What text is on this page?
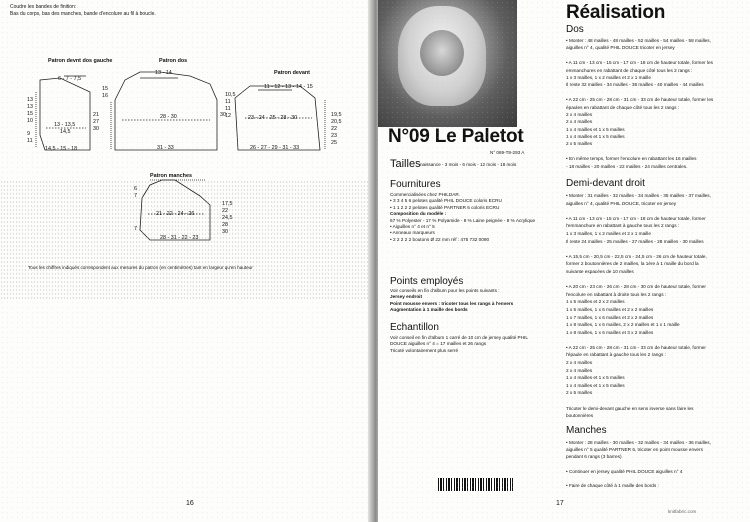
Coudre les bandes de finition:
Bas du corps, bas des manches, bande d'encolure au fil à boucle.
Patron devnt dos gauche	Patron dos
Patron devant
Patron manches
6 - 7 - 7,5
13
13
15
10
9
11
21
27
30
13 - 13,5
14,5
14,5 - 15 - 18
13 - 14
15
16
30
28 - 30
31 - 33
11 - 12 - 13 - 14 - 15
10,5
11
11
12	19,5
20,5
22
23
25
23 - 24 - 25 - 28 - 30
26 - 27 - 29 - 31 - 33
6
7
17,5
22
24,5
28
30
21 - 22 - 24 - 26
7
28 - 31 - 22 - 23
Tous les chiffres indiqués correspondent aux mesures du patron (en centimètres) tant en largeur qu'en hauteur
16
N°09 Le Paletot
N° 069-T8-293 A
Tailles naissance - 3 mois - 6 mois - 12 mois - 18 mois
Fournitures
Commercialisées chez PHILDAR.
• 3 3 4 5 6 pelotes qualité PHIL DOUCE coloris ECRU
• 1 1 2 2 2 pelotes qualité PARTNER 6 coloris ECRU
Composition du modèle :
67 % Polyester - 17 % Polyamide - 8 % Laine peignée - 8 % Acrylique
• Aiguilles n° 4 et n° 5
• Anneaux marqueurs
• 2 2 2 2 2 boutons Ø 22 mm réf : 475 732 0090
Points employés
Voir conseils en fin d'album pour les points suivants :
Jersey endroit
Point mousse envers : tricoter tous les rangs à l'envers
Augmentation à 1 maille des bords
Echantillon
Voir conseil en fin d'album 1 carré de 10 cm de jersey qualité PHIL
DOUCE aiguilles n° 4 = 17 mailles et 26 rangs
Tricoté volontairement plus serré
Réalisation
Dos
• Monter : 48 mailles - 48 mailles - 52 mailles - 54 mailles - 58 mailles,
aiguilles n° 4, qualité PHIL DOUCE tricoter en jersey
• A 11 cm - 13 cm - 15 cm - 17 cm - 18 cm de hauteur totale, former les
emmanchures en rabattant de chaque côté tous les 2 rangs :
1 x 3 mailles, 1 x 2 mailles et 2 x 1 maille
Il reste 32 mailles - 34 mailles - 38 mailles - 40 mailles - 44 mailles
• A 22 cm - 25 cm - 28 cm - 31 cm - 33 cm de hauteur totale, former les
épaules en rabattant de chaque côté tous les 2 rangs :
2 x 4 mailles
2 x 4 mailles
1 x 4 mailles et 1 x 5 mailles
1 x 4 mailles et 1 x 5 mailles
2 x 5 mailles
• En même temps, former l'encolure en rabattant les 16 mailles
- 18 mailles - 20 mailles - 22 mailles - 24 mailles centrales.
Demi-devant droit
• Monter : 31 mailles - 32 mailles - 34 mailles - 35 mailles - 37 mailles,
aiguilles n° 4, qualité PHIL DOUCE, tricoter en jersey
• A 11 cm - 13 cm - 15 cm - 17 cm - 18 cm de hauteur totale, former
l'emmanchure en rabattant à gauche tous les 2 rangs :
1 x 3 mailles, 1 x 2 mailles et 2 x 1 maille
Il reste 24 mailles - 25 mailles - 27 mailles - 28 mailles - 30 mailles
• A 15,5 cm - 20,5 cm - 22,5 cm - 24,5 cm - 26 cm de hauteur totale,
former 2 boutonnières de 2 mailles, la 1ère à 1 maille du bord la
suivante espacées de 10 mailles
• A 20 cm - 23 cm - 26 cm - 28 cm - 30 cm de hauteur totale, former
l'encolure en rabattant à droite tous les 2 rangs :
1 x 5 mailles et 2 x 2 mailles
1 x 5 mailles, 1 x 6 mailles et 2 x 2 mailles
1 x 7 mailles, 1 x 6 mailles et 2 x 2 mailles
1 x 8 mailles, 1 x 6 mailles, 2 x 2 mailles et 1 x 1 maille
1 x 8 mailles, 1 x 6 mailles et 3 x 2 mailles
• A 22 cm - 25 cm - 28 cm - 31 cm - 33 cm de hauteur totale, former
l'épaule en rabattant à gauche tous les 2 rangs :
2 x 4 mailles
2 x 4 mailles
1 x 4 mailles et 1 x 5 mailles
1 x 4 mailles et 1 x 5 mailles
2 x 5 mailles
Tricoter le demi-devant gauche en sens inverse sans faire les
boutonnières
Manches
• Monter : 28 mailles - 30 mailles - 32 mailles - 34 mailles - 36 mailles,
aiguilles n° 5 qualité PARTNER 6, tricoter en point mousse envers
pendant 6 rangs (3 barres)
• Continuer en jersey qualité PHIL DOUCE aiguilles n° 4
• Faire de chaque côté à 1 maille des bords :
17
knitfabric.com
